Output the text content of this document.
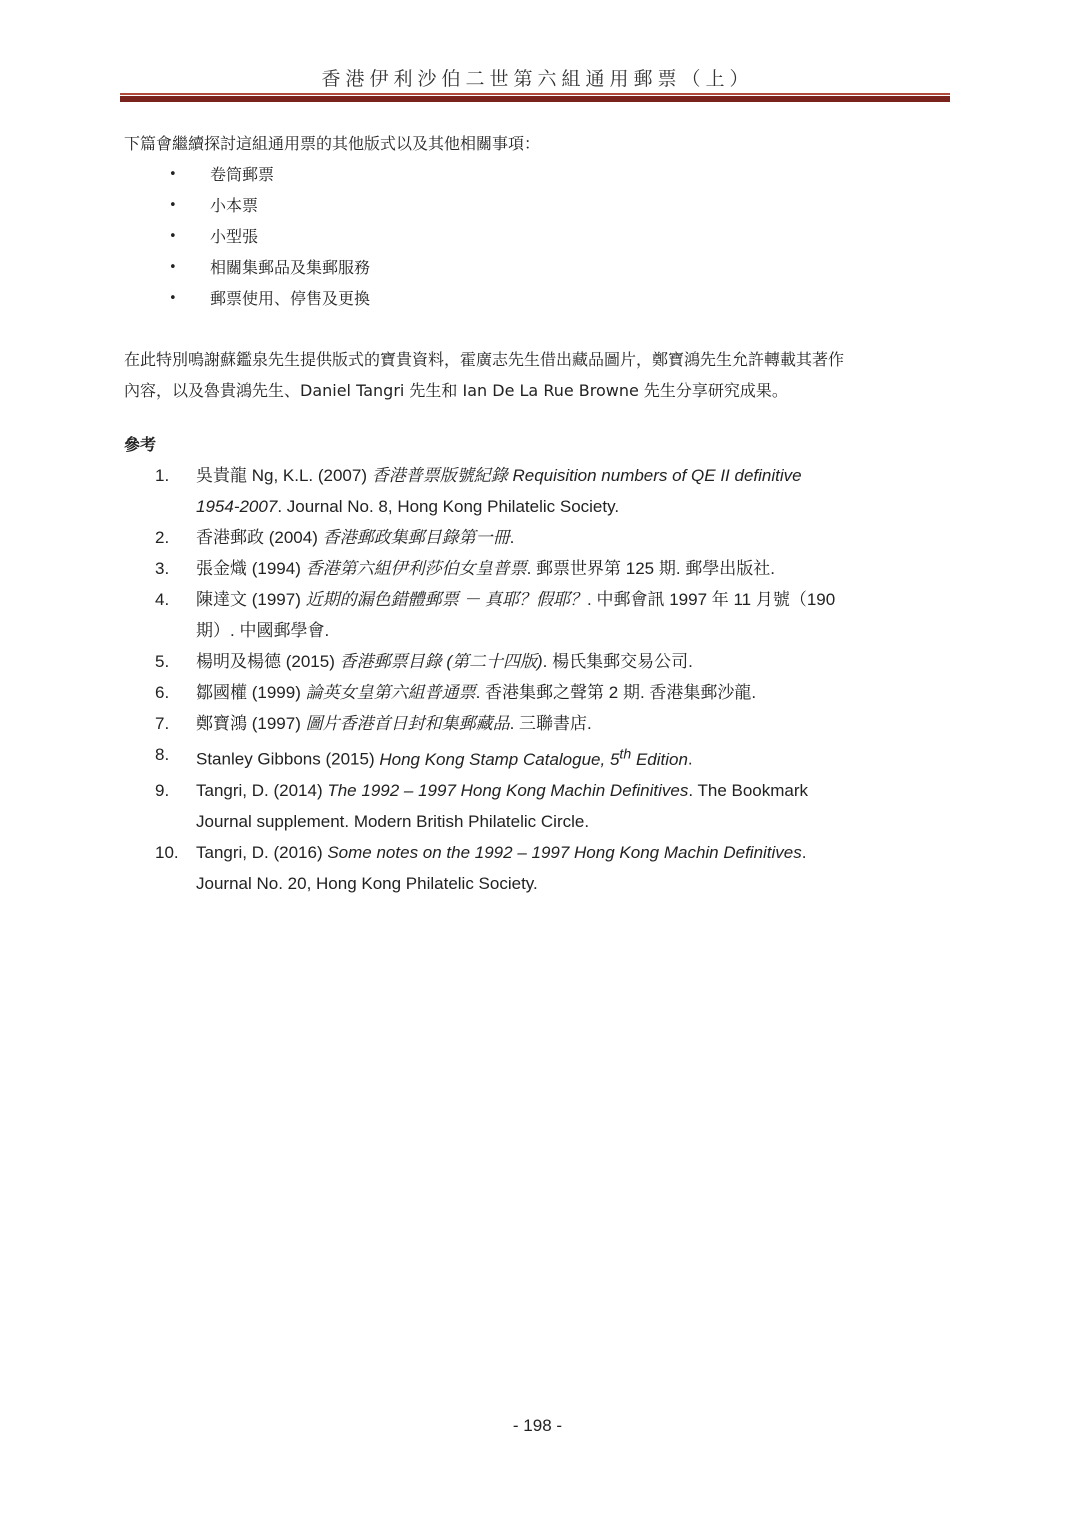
香港伊利沙伯二世第六組通用郵票（上）

下篇會繼續探討這組通用票的其他版式以及其他相關事項：

• 卷筒郵票
• 小本票
• 小型張
• 相關集郵品及集郵服務
• 郵票使用、停售及更換

在此特別鳴謝蘇鑑泉先生提供版式的寶貴資料，霍廣志先生借出藏品圖片，鄭寶鴻先生允許轉載其著作
內容，以及魯貴鴻先生、Daniel Tangri 先生和 Ian De La Rue Browne 先生分享研究成果。

參考
1. 吳貴龍 Ng, K.L. (2007) 香港普票版號紀錄 Requisition numbers of QE II definitive
1954-2007. Journal No. 8, Hong Kong Philatelic Society.
2. 香港郵政 (2004) 香港郵政集郵目錄第一冊.
3. 張金熾 (1994) 香港第六組伊利莎伯女皇普票. 郵票世界第 125 期. 郵學出版社.
4. 陳達文 (1997) 近期的漏色錯體郵票 － 真耶？假耶？. 中郵會訊 1997 年 11 月號（190
期）. 中國郵學會.
5. 楊明及楊德 (2015) 香港郵票目錄 (第二十四版). 楊氏集郵交易公司.
6. 鄒國權 (1999) 論英女皇第六組普通票. 香港集郵之聲第 2 期. 香港集郵沙龍.
7. 鄭寶鴻 (1997) 圖片香港首日封和集郵藏品. 三聯書店.
8. Stanley Gibbons (2015) Hong Kong Stamp Catalogue, 5th Edition.
9. Tangri, D. (2014) The 1992 – 1997 Hong Kong Machin Definitives. The Bookmark
Journal supplement. Modern British Philatelic Circle.
10. Tangri, D. (2016) Some notes on the 1992 – 1997 Hong Kong Machin Definitives.
Journal No. 20, Hong Kong Philatelic Society.
- 198 -
